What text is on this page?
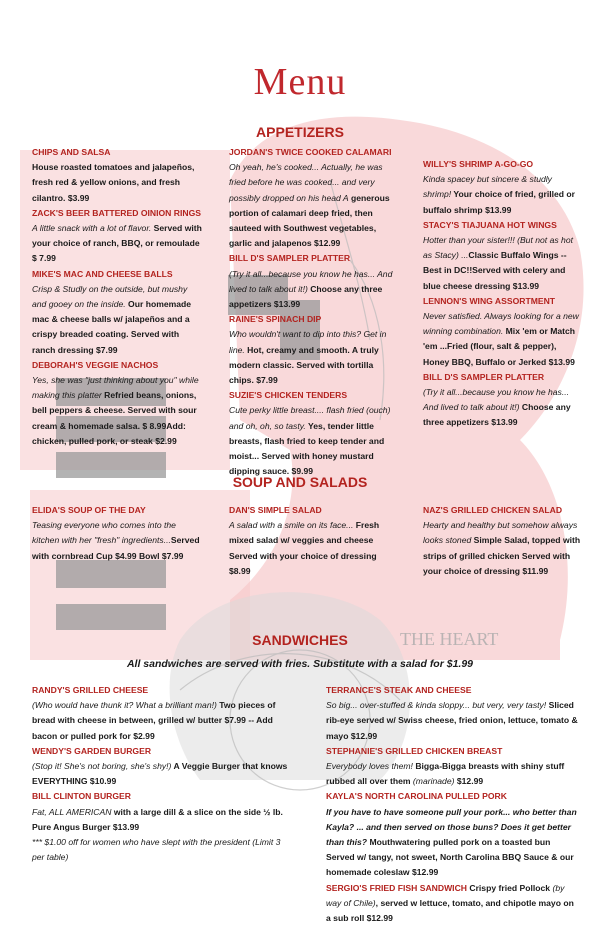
THE HEART
Menu
APPETIZERS
CHIPS AND SALSA
House roasted tomatoes and jalapeños, fresh red & yellow onions, and fresh cilantro. $3.99
ZACK'S BEER BATTERED OINION RINGS
A little snack with a lot of flavor. Served with your choice of ranch, BBQ, or remoulade $ 7.99
MIKE'S MAC AND CHEESE BALLS
Crisp & Studly on the outside, but mushy and gooey on the inside. Our homemade mac & cheese balls w/ jalapeños and a crispy breaded coating. Served with ranch dressing $7.99
DEBORAH'S VEGGIE NACHOS
Yes, she was "just thinking about you" while making this platter Refried beans, onions, bell peppers & cheese. Served with sour cream & homemade salsa. $ 8.99Add: chicken, pulled pork, or steak $2.99
JORDAN'S TWICE COOKED CALAMARI
Oh yeah, he's cooked... Actually, he was fried before he was cooked... and very possibly dropped on his head A generous portion of calamari deep fried, then sauteed with Southwest vegetables, garlic and jalapenos $12.99
BILL D'S SAMPLER PLATTER
(Try it all...because you know he has... And lived to talk about it!) Choose any three appetizers $13.99
RAINE'S SPINACH DIP
Who wouldn't want to dip into this? Get in line. Hot, creamy and smooth. A truly modern classic. Served with tortilla chips. $7.99
SUZIE'S CHICKEN TENDERS
Cute perky little breast.... flash fried (ouch) and oh, oh, so tasty. Yes, tender little breasts, flash fried to keep tender and moist... Served with honey mustard dipping sauce. $9.99
WILLY'S SHRIMP A-GO-GO
Kinda spacey but sincere & studly shrimp! Your choice of fried, grilled or buffalo shrimp $13.99
STACY'S TIAJUANA HOT WINGS
Hotter than your sister!!! (But not as hot as Stacy) ...Classic Buffalo Wings -- Best in DC!!Served with celery and blue cheese dressing $13.99
LENNON'S WING ASSORTMENT
Never satisfied. Always looking for a new winning combination. Mix 'em or Match 'em ...Fried (flour, salt & pepper), Honey BBQ, Buffalo or Jerked $13.99
BILL D'S SAMPLER PLATTER
(Try it all...because you know he has... And lived to talk about it!) Choose any three appetizers $13.99
SOUP AND SALADS
ELIDA'S SOUP OF THE DAY
Teasing everyone who comes into the kitchen with her "fresh" ingredients...Served with cornbread Cup $4.99 Bowl $7.99
DAN'S SIMPLE SALAD
A salad with a smile on its face... Fresh mixed salad w/ veggies and cheese Served with your choice of dressing $8.99
NAZ'S GRILLED CHICKEN SALAD
Hearty and healthy but somehow always looks stoned Simple Salad, topped with strips of grilled chicken Served with your choice of dressing $11.99
SANDWICHES
All sandwiches are served with fries. Substitute with a salad for $1.99
RANDY'S GRILLED CHEESE
(Who would have thunk it? What a brilliant man!) Two pieces of bread with cheese in between, grilled w/ butter $7.99 -- Add bacon or pulled pork for $2.99
WENDY'S GARDEN BURGER
(Stop it! She's not boring, she's shy!) A Veggie Burger that knows EVERYTHING $10.99
BILL CLINTON BURGER
Fat, ALL AMERICAN with a large dill & a slice on the side ½ lb. Pure Angus Burger $13.99
*** $1.00 off for women who have slept with the president (Limit 3 per table)
TERRANCE'S STEAK AND CHEESE
So big... over-stuffed & kinda sloppy... but very, very tasty! Sliced rib-eye served w/ Swiss cheese, fried onion, lettuce, tomato & mayo $12.99
STEPHANIE'S GRILLED CHICKEN BREAST
Everybody loves them! Bigga-Bigga breasts with shiny stuff rubbed all over them (marinade) $12.99
KAYLA'S NORTH CAROLINA PULLED PORK
If you have to have someone pull your pork... who better than Kayla? ... and then served on those buns? Does it get better than this? Mouthwatering pulled pork on a toasted bun Served w/ tangy, not sweet, North Carolina BBQ Sauce & our homemade coleslaw $12.99
SERGIO'S FRIED FISH SANDWICH Crispy fried Pollock (by way of Chile), served w lettuce, tomato, and chipotle mayo on a sub roll $12.99
